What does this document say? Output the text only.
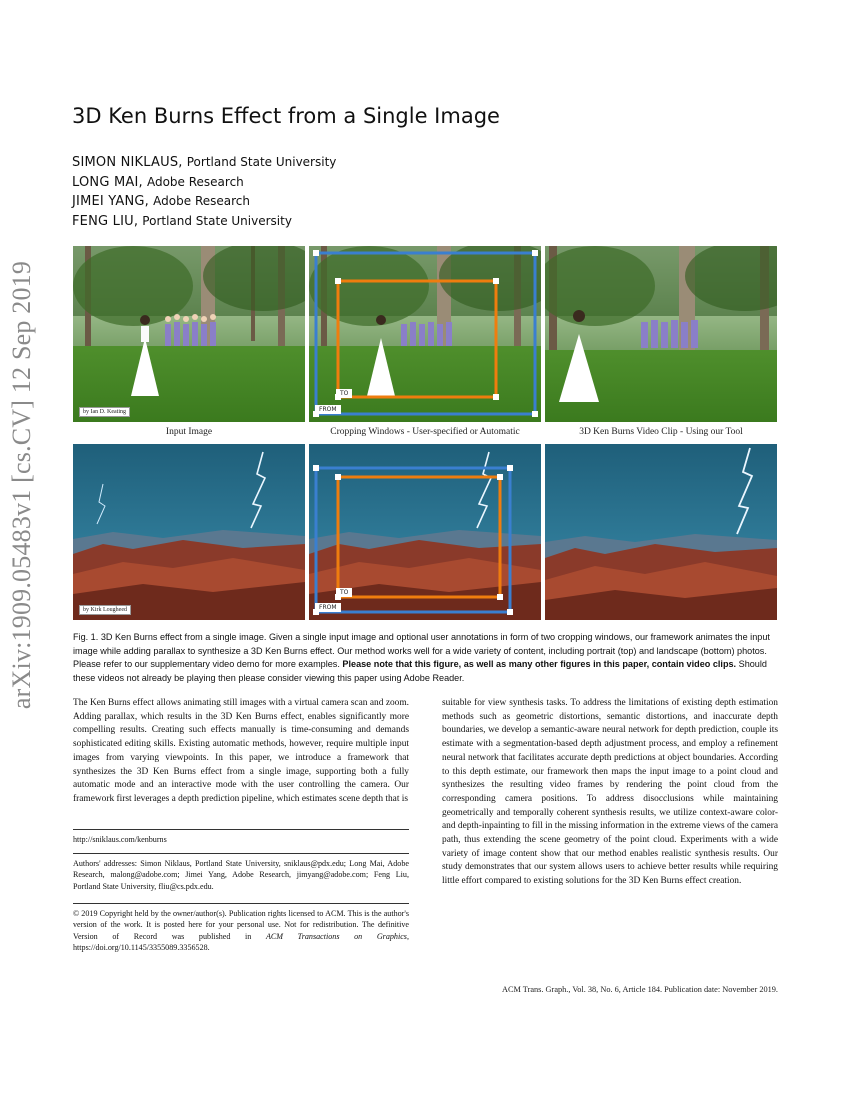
arXiv:1909.05483v1 [cs.CV] 12 Sep 2019
3D Ken Burns Effect from a Single Image
SIMON NIKLAUS, Portland State University
LONG MAI, Adobe Research
JIMEI YANG, Adobe Research
FENG LIU, Portland State University
by Ian D. Keating
TO
FROM
Input Image	Cropping Windows - User-specified or Automatic	3D Ken Burns Video Clip - Using our Tool
by Kirk Lougheed
TO
FROM

Fig. 1. 3D Ken Burns effect from a single image. Given a single input image and optional user annotations in form of two cropping windows, our framework animates the input image while adding parallax to synthesize a 3D Ken Burns effect. Our method works well for a wide variety of content, including portrait (top) and landscape (bottom) photos. Please refer to our supplementary video demo for more examples. Please note that this figure, as well as many other figures in this paper, contain video clips. Should these videos not already be playing then please consider viewing this paper using Adobe Reader.

The Ken Burns effect allows animating still images with a virtual camera scan and zoom. Adding parallax, which results in the 3D Ken Burns effect, enables significantly more compelling results. Creating such effects manually is time-consuming and demands sophisticated editing skills. Existing automatic methods, however, require multiple input images from varying viewpoints. In this paper, we introduce a framework that synthesizes the 3D Ken Burns effect from a single image, supporting both a fully automatic mode and an interactive mode with the user controlling the camera. Our framework first leverages a depth prediction pipeline, which estimates scene depth that is
suitable for view synthesis tasks. To address the limitations of existing depth estimation methods such as geometric distortions, semantic distortions, and inaccurate depth boundaries, we develop a semantic-aware neural network for depth prediction, couple its estimate with a segmentation-based depth adjustment process, and employ a refinement neural network that facilitates accurate depth predictions at object boundaries. According to this depth estimate, our framework then maps the input image to a point cloud and synthesizes the resulting video frames by rendering the point cloud from the corresponding camera positions. To address disocclusions while maintaining geometrically and temporally coherent synthesis results, we utilize context-aware color- and depth-inpainting to fill in the missing information in the extreme views of the camera path, thus extending the scene geometry of the point cloud. Experiments with a wide variety of image content show that our method enables realistic synthesis results. Our study demonstrates that our system allows users to achieve better results while requiring little effort compared to existing solutions for the 3D Ken Burns effect creation.
http://sniklaus.com/kenburns
Authors' addresses: Simon Niklaus, Portland State University, sniklaus@pdx.edu; Long Mai, Adobe Research, malong@adobe.com; Jimei Yang, Adobe Research, jimyang@adobe.com; Feng Liu, Portland State University, fliu@cs.pdx.edu.
© 2019 Copyright held by the owner/author(s). Publication rights licensed to ACM. This is the author's version of the work. It is posted here for your personal use. Not for redistribution. The definitive Version of Record was published in ACM Transactions on Graphics, https://doi.org/10.1145/3355089.3356528.
ACM Trans. Graph., Vol. 38, No. 6, Article 184. Publication date: November 2019.
